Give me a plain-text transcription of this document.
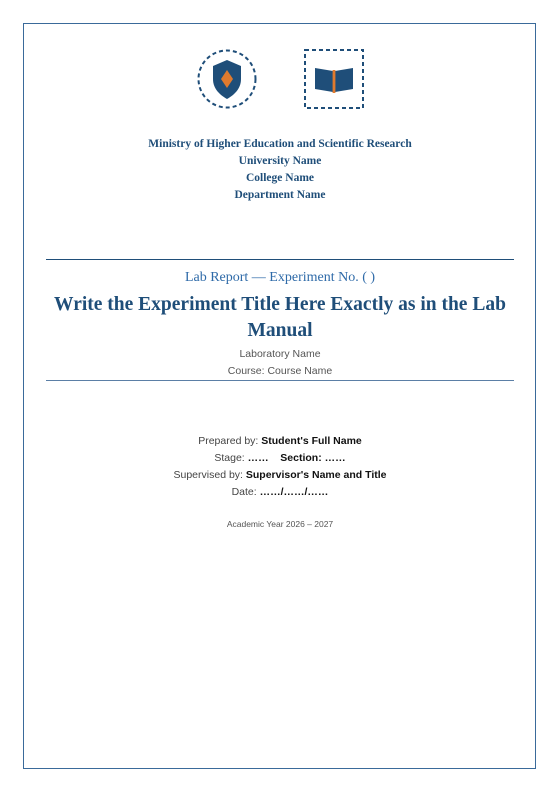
Ministry of Higher Education and Scientific Research
University Name
College Name
Department Name
Lab Report — Experiment No. ( )
Write the Experiment Title Here Exactly as in the Lab Manual
Laboratory Name
Course: Course Name
Prepared by: Student's Full Name
Stage: …… Section: ……
Supervised by: Supervisor's Name and Title
Date: ……/……/……
Academic Year 2026 – 2027
